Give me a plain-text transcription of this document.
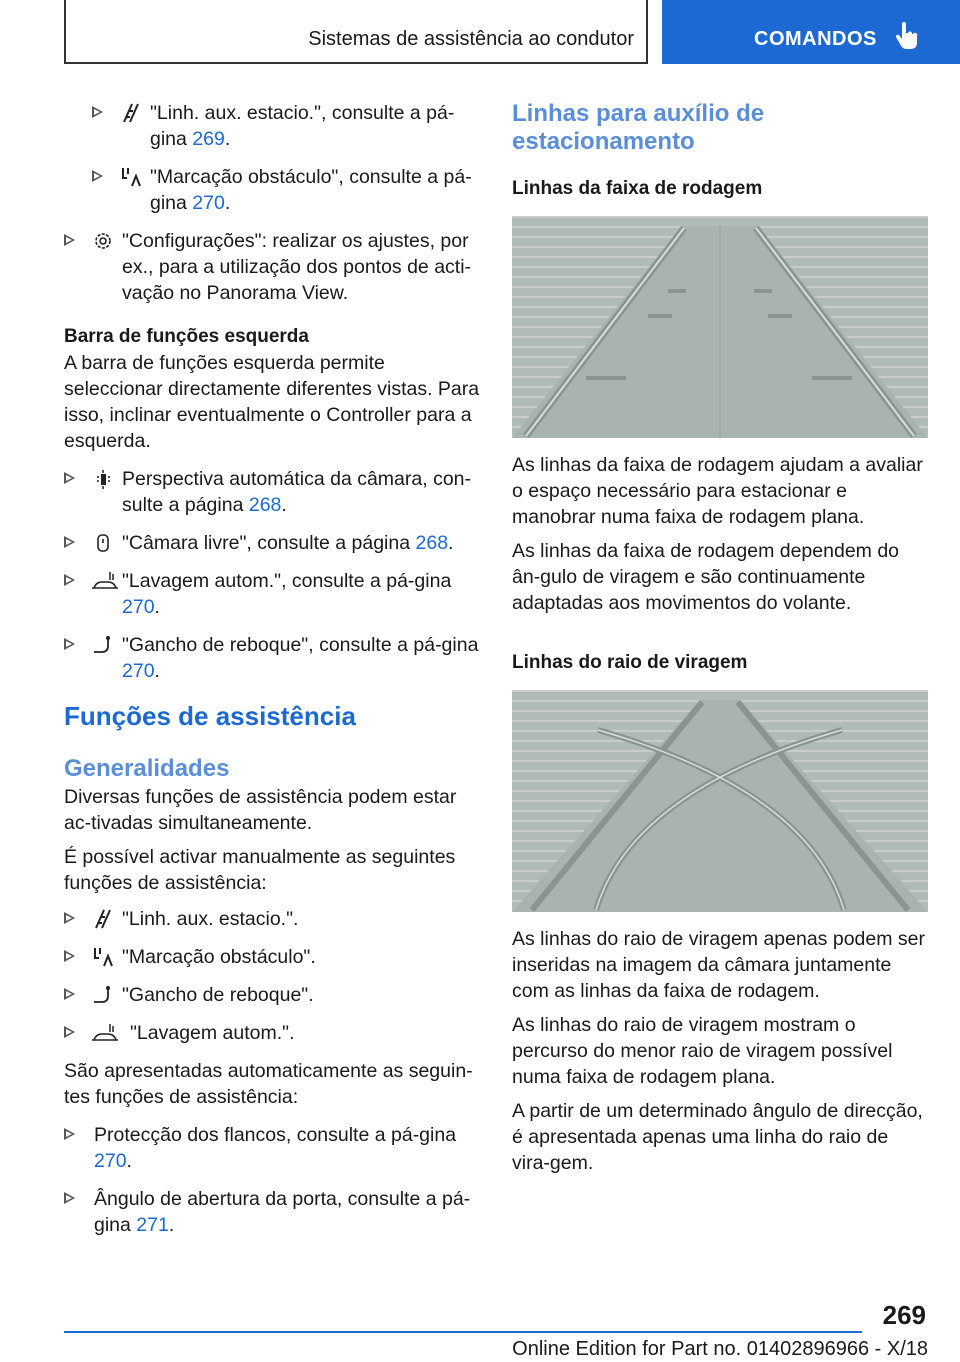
Sistemas de assistência ao condutor	COMANDOS
"Linh. aux. estacio.", consulte a pá-gina 269.
"Marcação obstáculo", consulte a pá-gina 270.
"Configurações": realizar os ajustes, por ex., para a utilização dos pontos de acti-vação no Panorama View.
Barra de funções esquerda

A barra de funções esquerda permite seleccionar directamente diferentes vistas. Para isso, inclinar eventualmente o Controller para a esquerda.

Perspectiva automática da câmara, con-sulte a página 268.
"Câmara livre", consulte a página 268.
"Lavagem autom.", consulte a pá-gina 270.
"Gancho de reboque", consulte a pá-gina 270.
Funções de assistência
Generalidades

Diversas funções de assistência podem estar ac-tivadas simultaneamente.

É possível activar manualmente as seguintes funções de assistência:

"Linh. aux. estacio.".
"Marcação obstáculo".
"Gancho de reboque".
"Lavagem autom.".

São apresentadas automaticamente as seguin-tes funções de assistência:

Protecção dos flancos, consulte a pá-gina 270.
Ângulo de abertura da porta, consulte a pá-gina 271.
Linhas para auxílio de estacionamento
Linhas da faixa de rodagem

As linhas da faixa de rodagem ajudam a avaliar o espaço necessário para estacionar e manobrar numa faixa de rodagem plana.

As linhas da faixa de rodagem dependem do ân-gulo de viragem e são continuamente adaptadas aos movimentos do volante.

Linhas do raio de viragem

As linhas do raio de viragem apenas podem ser inseridas na imagem da câmara juntamente com as linhas da faixa de rodagem.

As linhas do raio de viragem mostram o percurso do menor raio de viragem possível numa faixa de rodagem plana.

A partir de um determinado ângulo de direcção, é apresentada apenas uma linha do raio de vira-gem.

269
Online Edition for Part no. 01402896966 - X/18
